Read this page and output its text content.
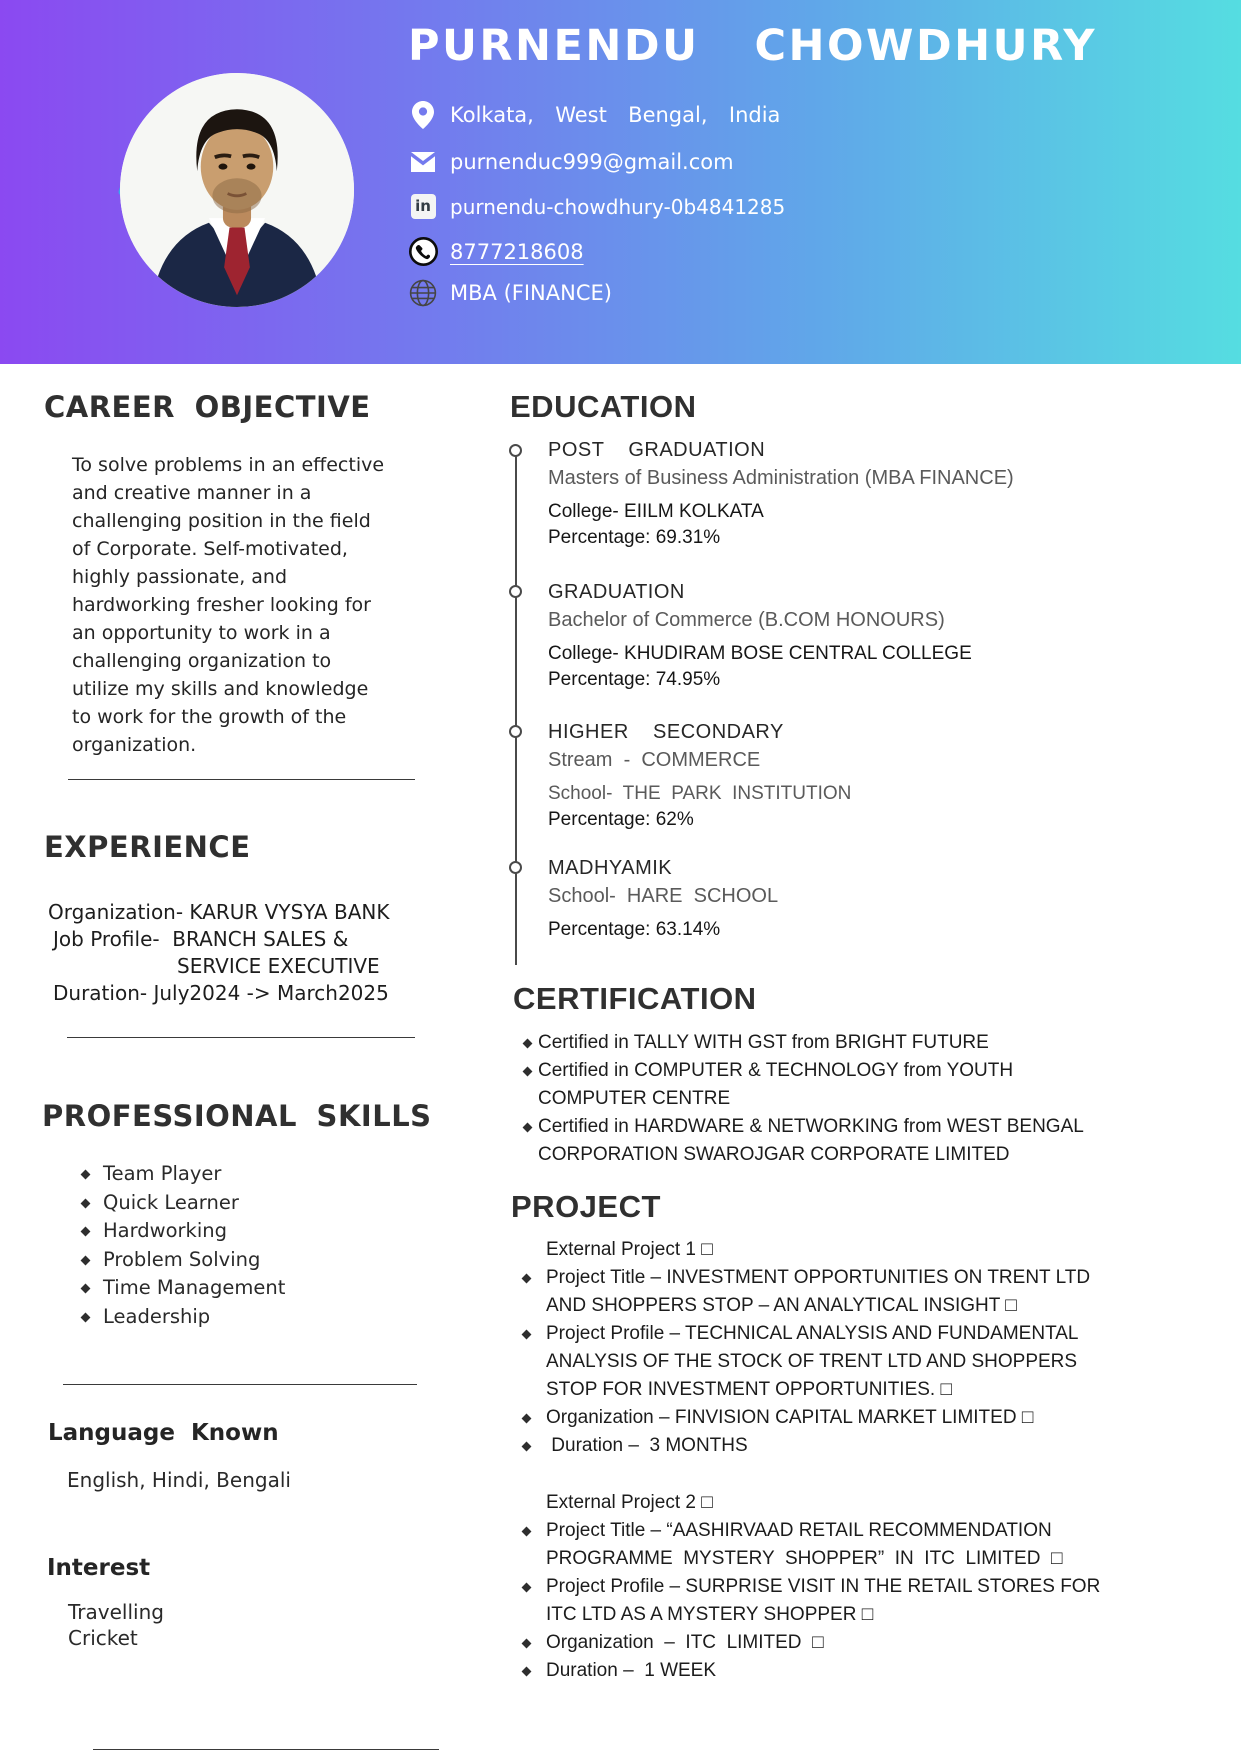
PURNENDU  CHOWDHURY
Kolkata,  West  Bengal,  India
purnenduc999@gmail.com
in purnendu-chowdhury-0b4841285
8777218608
MBA (FINANCE)
CAREER OBJECTIVE
To solve problems in an effective
and creative manner in a
challenging position in the field
of Corporate. Self-motivated,
highly passionate, and
hardworking fresher looking for
an opportunity to work in a
challenging organization to
utilize my skills and knowledge
to work for the growth of the
organization.
EXPERIENCE
Organization- KARUR VYSYA BANK
Job Profile-  BRANCH SALES &
SERVICE EXECUTIVE
Duration- July2024 -> March2025
PROFESSIONAL SKILLS
Team Player
Quick Learner
Hardworking
Problem Solving
Time Management
Leadership
Language  Known
English, Hindi, Bengali
Interest
Travelling
Cricket
EDUCATION
POST    GRADUATION
Masters of Business Administration (MBA FINANCE)
College- EIILM KOLKATA
Percentage: 69.31%
GRADUATION
Bachelor of Commerce (B.COM HONOURS)
College- KHUDIRAM BOSE CENTRAL COLLEGE
Percentage: 74.95%
HIGHER    SECONDARY
Stream  -  COMMERCE
School-  THE  PARK  INSTITUTION
Percentage: 62%
MADHYAMIK
School-  HARE  SCHOOL
Percentage: 63.14%
CERTIFICATION
Certified in TALLY WITH GST from BRIGHT FUTURE
Certified in COMPUTER & TECHNOLOGY from YOUTH
COMPUTER CENTRE
Certified in HARDWARE & NETWORKING from WEST BENGAL
CORPORATION SWAROJGAR CORPORATE LIMITED
PROJECT
External Project 1 □
Project Title – INVESTMENT OPPORTUNITIES ON TRENT LTD
AND SHOPPERS STOP – AN ANALYTICAL INSIGHT □
Project Profile – TECHNICAL ANALYSIS AND FUNDAMENTAL
ANALYSIS OF THE STOCK OF TRENT LTD AND SHOPPERS
STOP FOR INVESTMENT OPPORTUNITIES. □
Organization – FINVISION CAPITAL MARKET LIMITED □
Duration –  3 MONTHS
External Project 2 □
Project Title – “AASHIRVAAD RETAIL RECOMMENDATION
PROGRAMME  MYSTERY  SHOPPER”  IN  ITC  LIMITED  □
Project Profile – SURPRISE VISIT IN THE RETAIL STORES FOR
ITC LTD AS A MYSTERY SHOPPER □
Organization  –  ITC  LIMITED  □
Duration –  1 WEEK
